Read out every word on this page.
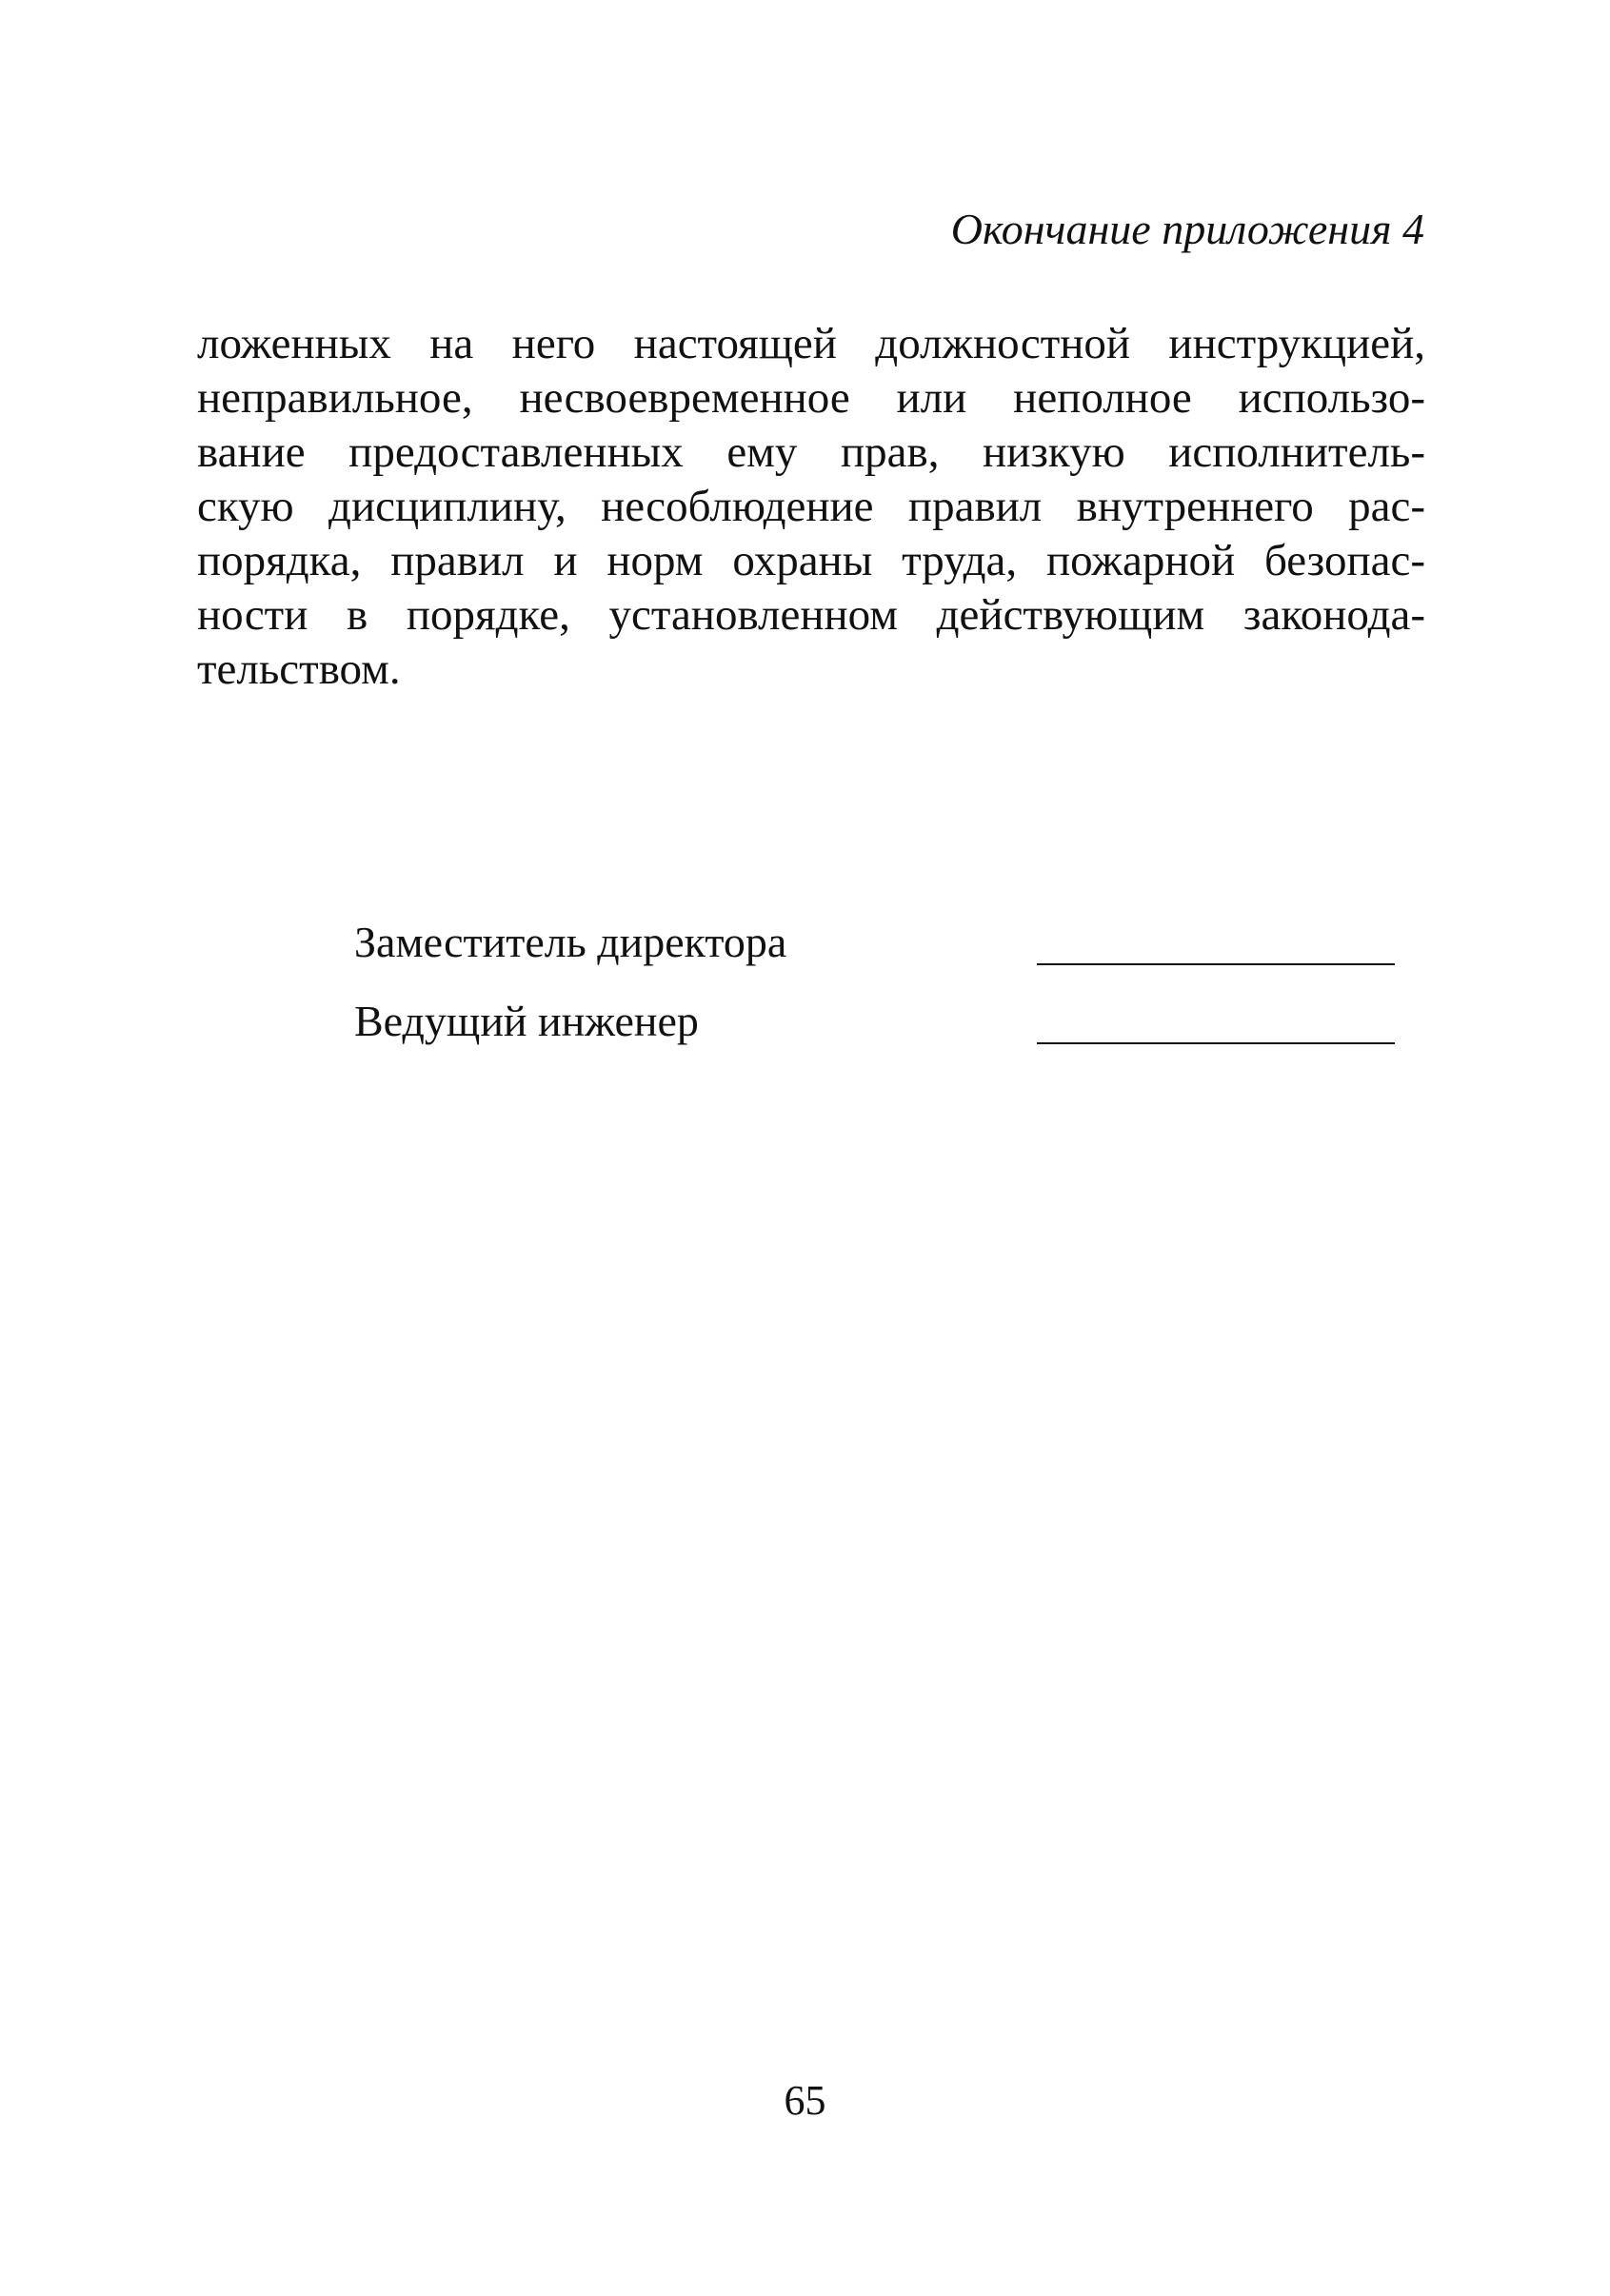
Окончание приложения 4
ложенных на него настоящей должностной инструкцией,
неправильное, несвоевременное или неполное использо-
вание предоставленных ему прав, низкую исполнитель-
скую дисциплину, несоблюдение правил внутреннего рас-
порядка, правил и норм охраны труда, пожарной безопас-
ности в порядке, установленном действующим законода-
тельством.
Заместитель директора
Ведущий инженер
65
